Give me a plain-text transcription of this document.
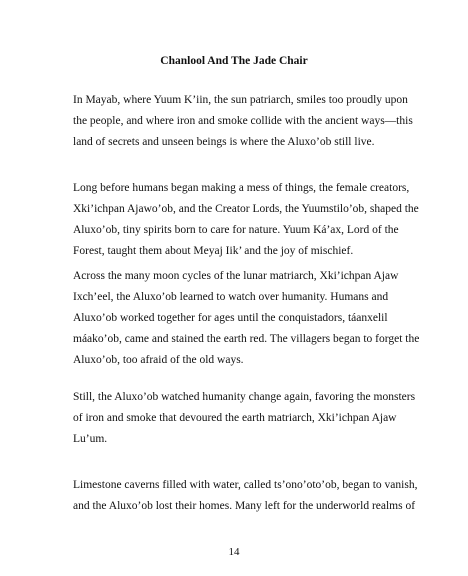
Chanlool And The Jade Chair

In Mayab, where Yuum K’iin, the sun patriarch, smiles too proudly upon
the people, and where iron and smoke collide with the ancient ways—this
land of secrets and unseen beings is where the Aluxo’ob still live.

Long before humans began making a mess of things, the female creators,
Xki’ichpan Ajawo’ob, and the Creator Lords, the Yuumstilo’ob, shaped the
Aluxo’ob, tiny spirits born to care for nature. Yuum Ká’ax, Lord of the
Forest, taught them about Meyaj Iik’ and the joy of mischief.

Across the many moon cycles of the lunar matriarch, Xki’ichpan Ajaw
Ixch’eel, the Aluxo’ob learned to watch over humanity. Humans and
Aluxo’ob worked together for ages until the conquistadors, táanxelil
máako’ob, came and stained the earth red. The villagers began to forget the
Aluxo’ob, too afraid of the old ways.

Still, the Aluxo’ob watched humanity change again, favoring the monsters
of iron and smoke that devoured the earth matriarch, Xki’ichpan Ajaw
Lu’um.

Limestone caverns filled with water, called ts’ono’oto’ob, began to vanish,
and the Aluxo’ob lost their homes. Many left for the underworld realms of

14
